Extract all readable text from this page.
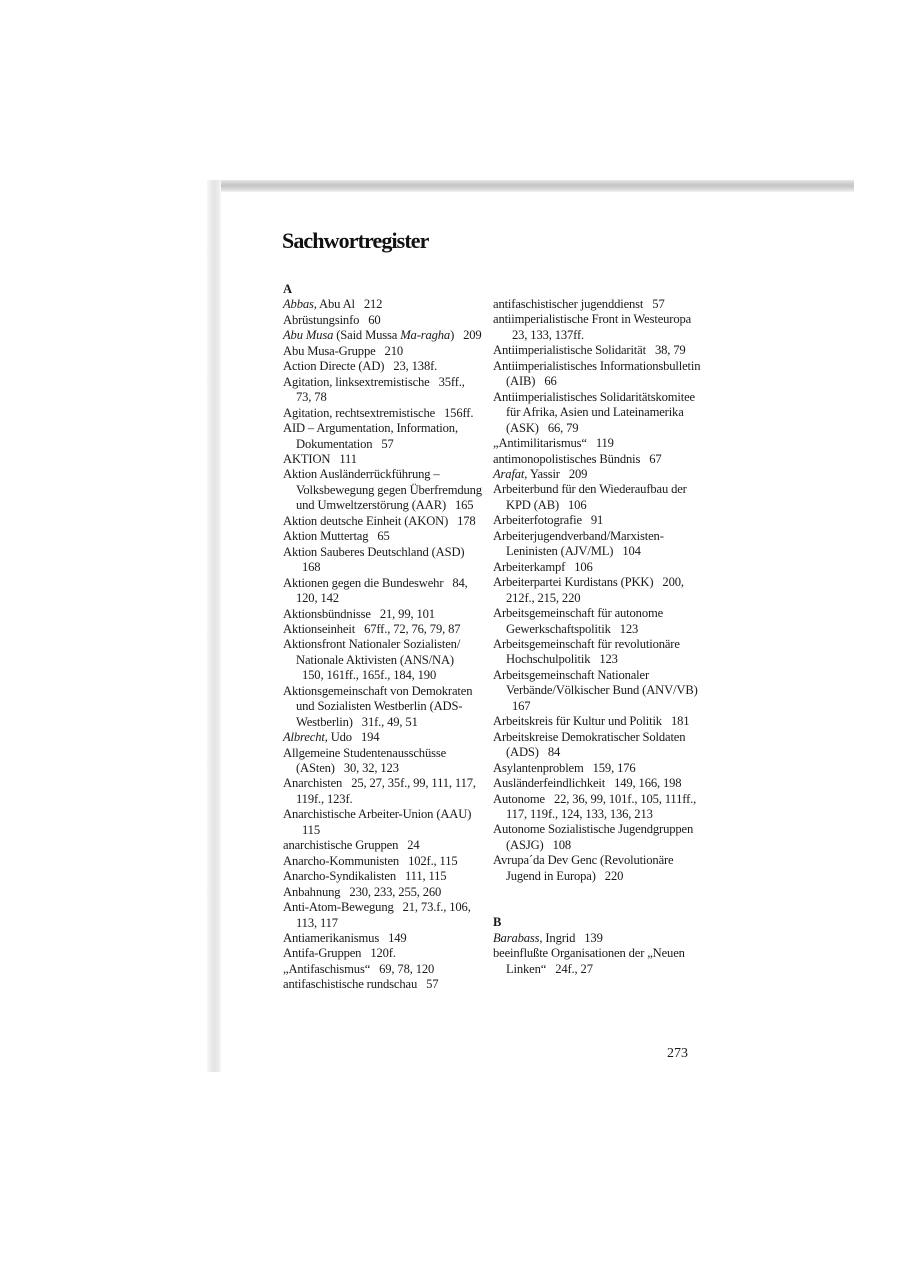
Sachwortregister
A
Abbas, Abu Al 212
Abrüstungsinfo 60
Abu Musa (Said Mussa Ma-ragha) 209
Abu Musa-Gruppe 210
Action Directe (AD) 23, 138f.
Agitation, linksextremistische 35ff., 73, 78
Agitation, rechtsextremistische 156ff.
AID – Argumentation, Information, Dokumentation 57
AKTION 111
Aktion Ausländerrückführung – Volksbewegung gegen Überfremdung und Umweltzerstörung (AAR) 165
Aktion deutsche Einheit (AKON) 178
Aktion Muttertag 65
Aktion Sauberes Deutschland (ASD) 168
Aktionen gegen die Bundeswehr 84, 120, 142
Aktionsbündnisse 21, 99, 101
Aktionseinheit 67ff., 72, 76, 79, 87
Aktionsfront Nationaler Sozialisten/ Nationale Aktivisten (ANS/NA) 150, 161ff., 165f., 184, 190
Aktionsgemeinschaft von Demokraten und Sozialisten Westberlin (ADS-Westberlin) 31f., 49, 51
Albrecht, Udo 194
Allgemeine Studentenausschüsse (ASten) 30, 32, 123
Anarchisten 25, 27, 35f., 99, 111, 117, 119f., 123f.
Anarchistische Arbeiter-Union (AAU) 115
anarchistische Gruppen 24
Anarcho-Kommunisten 102f., 115
Anarcho-Syndikalisten 111, 115
Anbahnung 230, 233, 255, 260
Anti-Atom-Bewegung 21, 73.f., 106, 113, 117
Antiamerikanismus 149
Antifa-Gruppen 120f.
„Antifaschismus“ 69, 78, 120
antifaschistische rundschau 57
antifaschistischer jugenddienst 57
antiimperialistische Front in Westeuropa 23, 133, 137ff.
Antiimperialistische Solidarität 38, 79
Antiimperialistisches Informationsbulletin (AIB) 66
Antiimperialistisches Solidaritätskomitee für Afrika, Asien und Lateinamerika (ASK) 66, 79
„Antimilitarismus“ 119
antimonopolistisches Bündnis 67
Arafat, Yassir 209
Arbeiterbund für den Wiederaufbau der KPD (AB) 106
Arbeiterfotografie 91
Arbeiterjugendverband/Marxisten-Leninisten (AJV/ML) 104
Arbeiterkampf 106
Arbeiterpartei Kurdistans (PKK) 200, 212f., 215, 220
Arbeitsgemeinschaft für autonome Gewerkschaftspolitik 123
Arbeitsgemeinschaft für revolutionäre Hochschulpolitik 123
Arbeitsgemeinschaft Nationaler Verbände/Völkischer Bund (ANV/VB) 167
Arbeitskreis für Kultur und Politik 181
Arbeitskreise Demokratischer Soldaten (ADS) 84
Asylantenproblem 159, 176
Ausländerfeindlichkeit 149, 166, 198
Autonome 22, 36, 99, 101f., 105, 111ff., 117, 119f., 124, 133, 136, 213
Autonome Sozialistische Jugendgruppen (ASJG) 108
Avrupa´da Dev Genc (Revolutionäre Jugend in Europa) 220
B
Barabass, Ingrid 139
beeinflußte Organisationen der „Neuen Linken“ 24f., 27
273
